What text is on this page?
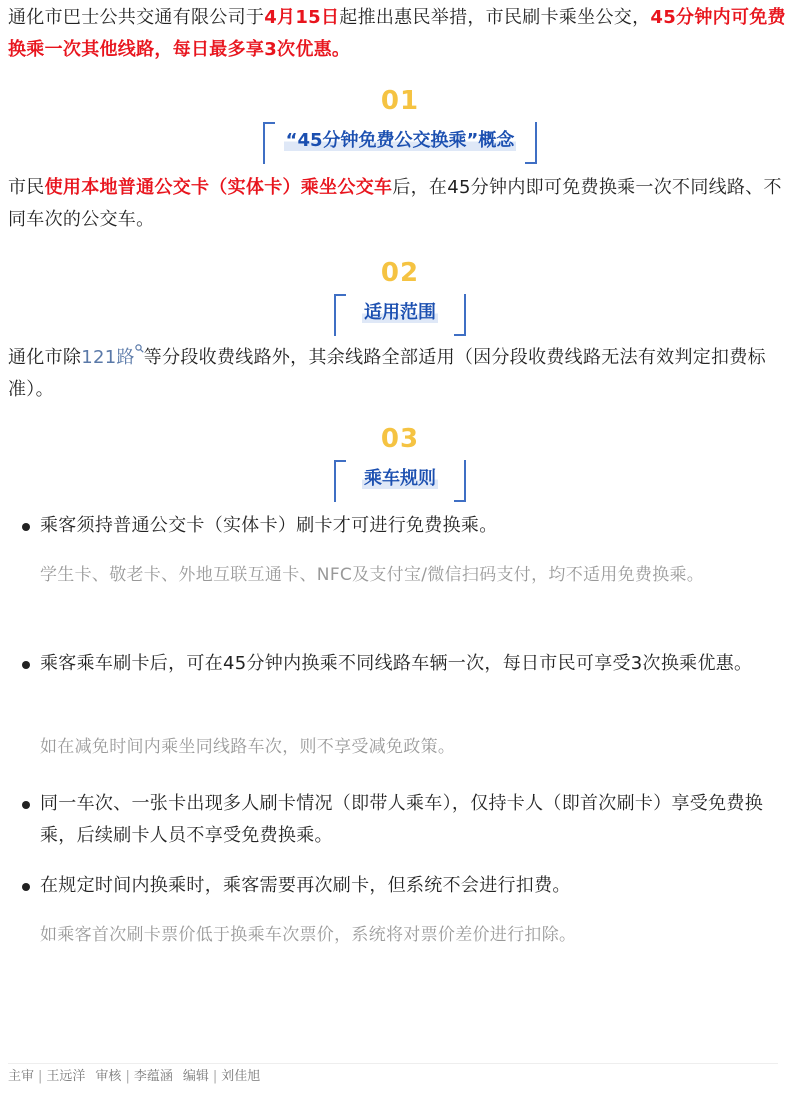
通化市巴士公共交通有限公司于4月15日起推出惠民举措，市民刷卡乘坐公交，45分钟内可免费换乘一次其他线路，每日最多享3次优惠。

01
“45分钟免费公交换乘”概念

市民使用本地普通公交卡（实体卡）乘坐公交车后，在45分钟内即可免费换乘一次不同线路、不同车次的公交车。

02
适用范围

通化市除121路 等分段收费线路外，其余线路全部适用（因分段收费线路无法有效判定扣费标准）。

03
乘车规则

乘客须持普通公交卡（实体卡）刷卡才可进行免费换乘。

学生卡、敬老卡、外地互联互通卡、NFC及支付宝/微信扫码支付，均不适用免费换乘。

乘客乘车刷卡后，可在45分钟内换乘不同线路车辆一次，每日市民可享受3次换乘优惠。

如在减免时间内乘坐同线路车次，则不享受减免政策。

同一车次、一张卡出现多人刷卡情况（即带人乘车），仅持卡人（即首次刷卡）享受免费换乘，后续刷卡人员不享受免费换乘。

在规定时间内换乘时，乘客需要再次刷卡，但系统不会进行扣费。

如乘客首次刷卡票价低于换乘车次票价，系统将对票价差价进行扣除。

主审 | 王远洋 审核 | 李蕴涵 编辑 | 刘佳旭
